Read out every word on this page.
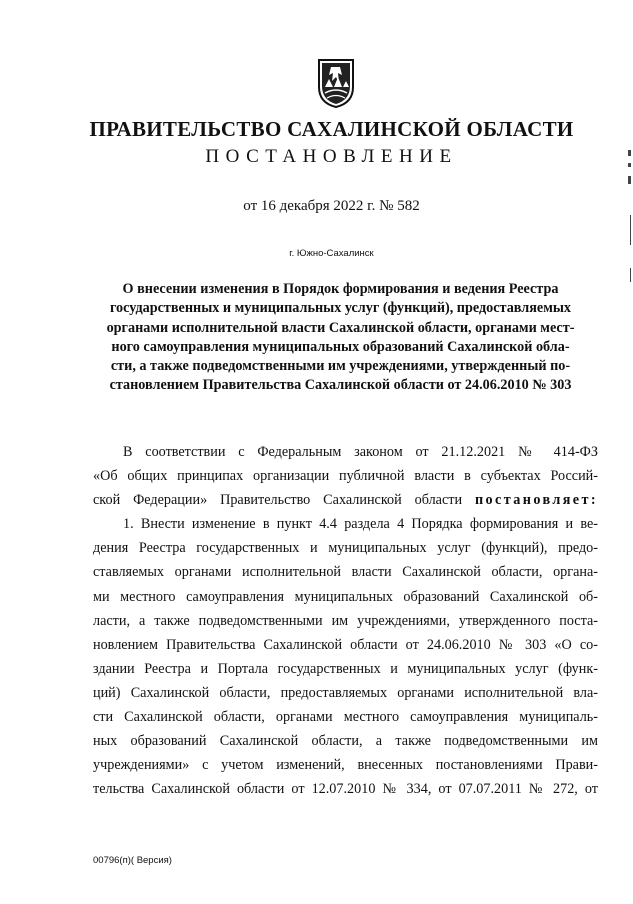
ПРАВИТЕЛЬСТВО САХАЛИНСКОЙ ОБЛАСТИ
ПОСТАНОВЛЕНИЕ
от 16 декабря 2022 г. № 582
г. Южно-Сахалинск
О внесении изменения в Порядок формирования и ведения Реестра
государственных и муниципальных услуг (функций), предоставляемых
органами исполнительной власти Сахалинской области, органами мест-
ного самоуправления муниципальных образований Сахалинской обла-
сти, а также подведомственными им учреждениями, утвержденный по-
становлением Правительства Сахалинской области от 24.06.2010 № 303
В соответствии с Федеральным законом от 21.12.2021 № 414-ФЗ
«Об общих принципах организации публичной власти в субъектах Россий-
ской Федерации» Правительство Сахалинской области постановляет:
1. Внести изменение в пункт 4.4 раздела 4 Порядка формирования и ве-
дения Реестра государственных и муниципальных услуг (функций), предо-
ставляемых органами исполнительной власти Сахалинской области, органа-
ми местного самоуправления муниципальных образований Сахалинской об-
ласти, а также подведомственными им учреждениями, утвержденного поста-
новлением Правительства Сахалинской области от 24.06.2010 № 303 «О со-
здании Реестра и Портала государственных и муниципальных услуг (функ-
ций) Сахалинской области, предоставляемых органами исполнительной вла-
сти Сахалинской области, органами местного самоуправления муниципаль-
ных образований Сахалинской области, а также подведомственными им
учреждениями» с учетом изменений, внесенных постановлениями Прави-
тельства Сахалинской области от 12.07.2010 № 334, от 07.07.2011 № 272, от
00796(п)( Версия)
